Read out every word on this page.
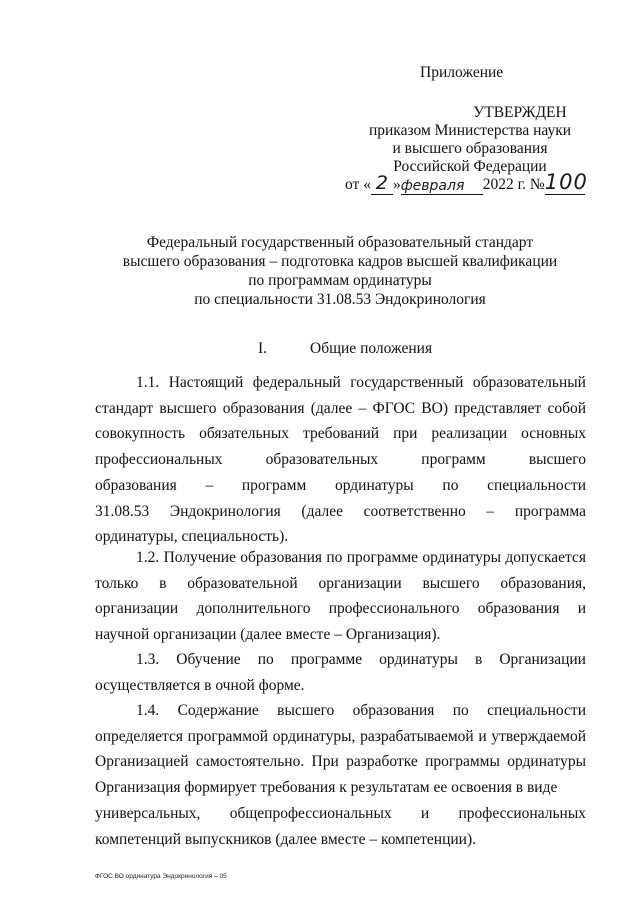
Приложение
УТВЕРЖДЕН
приказом Министерства науки
и высшего образования
Российской Федерации
от « 2 » февраля	2022 г. № 100
Федеральный государственный образовательный стандарт
высшего образования – подготовка кадров высшей квалификации
по программам ординатуры
по специальности 31.08.53 Эндокринология
I.	Общие положения
1.1. Настоящий федеральный государственный образовательный
стандарт высшего образования (далее – ФГОС ВО) представляет собой
совокупность обязательных требований при реализации основных
профессиональных	образовательных	программ	высшего
образования – программ ординатуры по специальности
31.08.53 Эндокринология (далее соответственно – программа ординатуры, специальность).

1.2. Получение образования по программе ординатуры допускается только в образовательной организации высшего образования, организации дополнительного профессионального образования и научной организации (далее вместе – Организация).

1.3. Обучение по программе ординатуры в Организации
осуществляется в очной форме.
1.4. Содержание высшего образования по специальности
определяется программой ординатуры, разрабатываемой и утверждаемой Организацией самостоятельно. При разработке программы ординатуры Организация формирует требования к результатам ее освоения в виде
универсальных, общепрофессиональных и профессиональных
компетенций выпускников (далее вместе – компетенции).
ФГОС ВО ординатура Эндокринология – 05
